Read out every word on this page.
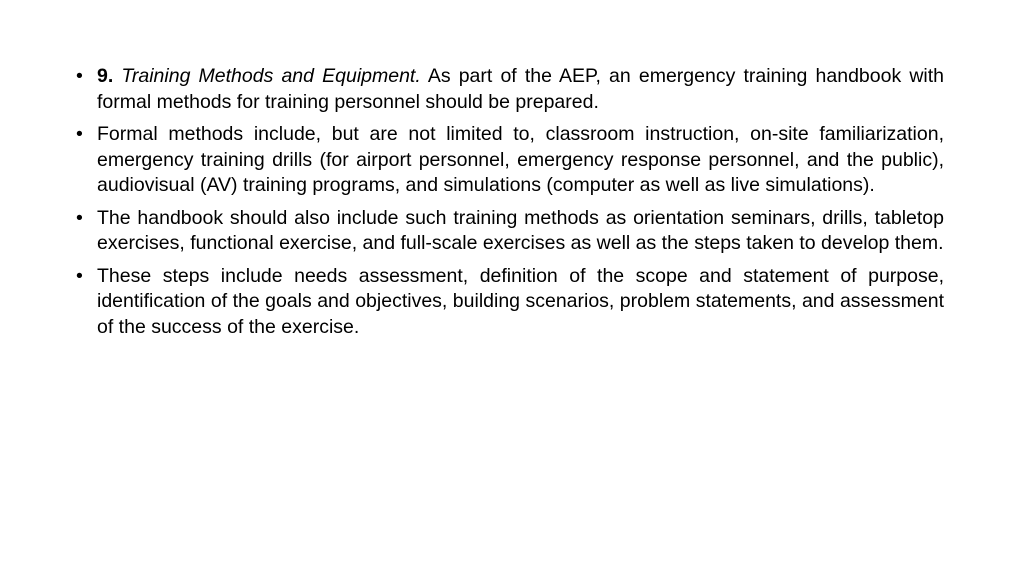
• 9. Training Methods and Equipment. As part of the AEP, an emergency training handbook with formal methods for training personnel should be prepared.
• Formal methods include, but are not limited to, classroom instruction, on-site familiarization, emergency training drills (for airport personnel, emergency response personnel, and the public), audiovisual (AV) training programs, and simulations (computer as well as live simulations).
• The handbook should also include such training methods as orientation seminars, drills, tabletop exercises, functional exercise, and full-scale exercises as well as the steps taken to develop them.
• These steps include needs assessment, definition of the scope and statement of purpose, identification of the goals and objectives, building scenarios, problem statements, and assessment of the success of the exercise.
